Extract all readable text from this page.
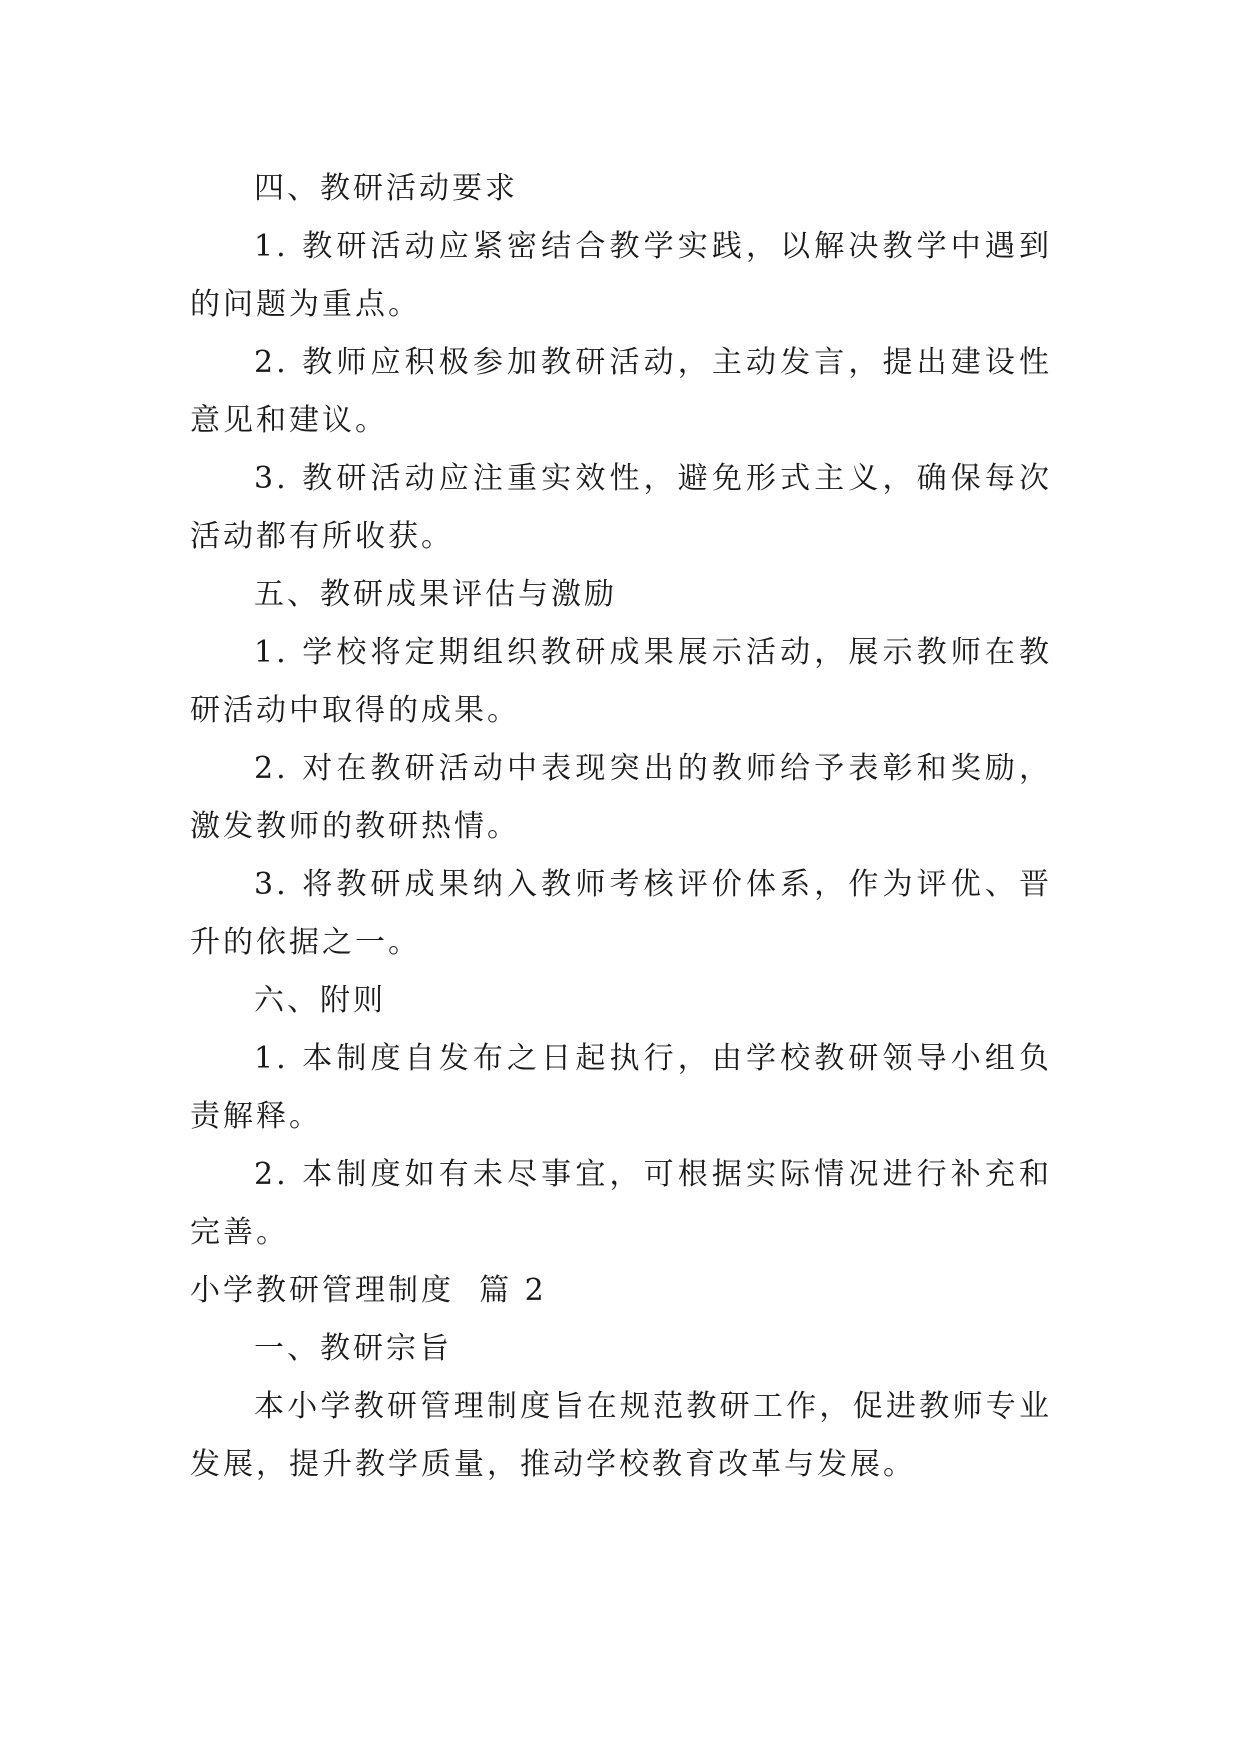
四、教研活动要求

1. 教研活动应紧密结合教学实践，以解决教学中遇到的问题为重点。

2. 教师应积极参加教研活动，主动发言，提出建设性意见和建议。

3. 教研活动应注重实效性，避免形式主义，确保每次活动都有所收获。

五、教研成果评估与激励

1. 学校将定期组织教研成果展示活动，展示教师在教研活动中取得的成果。

2. 对在教研活动中表现突出的教师给予表彰和奖励，激发教师的教研热情。

3. 将教研成果纳入教师考核评价体系，作为评优、晋升的依据之一。

六、附则

1. 本制度自发布之日起执行，由学校教研领导小组负责解释。

2. 本制度如有未尽事宜，可根据实际情况进行补充和完善。

小学教研管理制度  篇 2

一、教研宗旨

本小学教研管理制度旨在规范教研工作，促进教师专业发展，提升教学质量，推动学校教育改革与发展。
